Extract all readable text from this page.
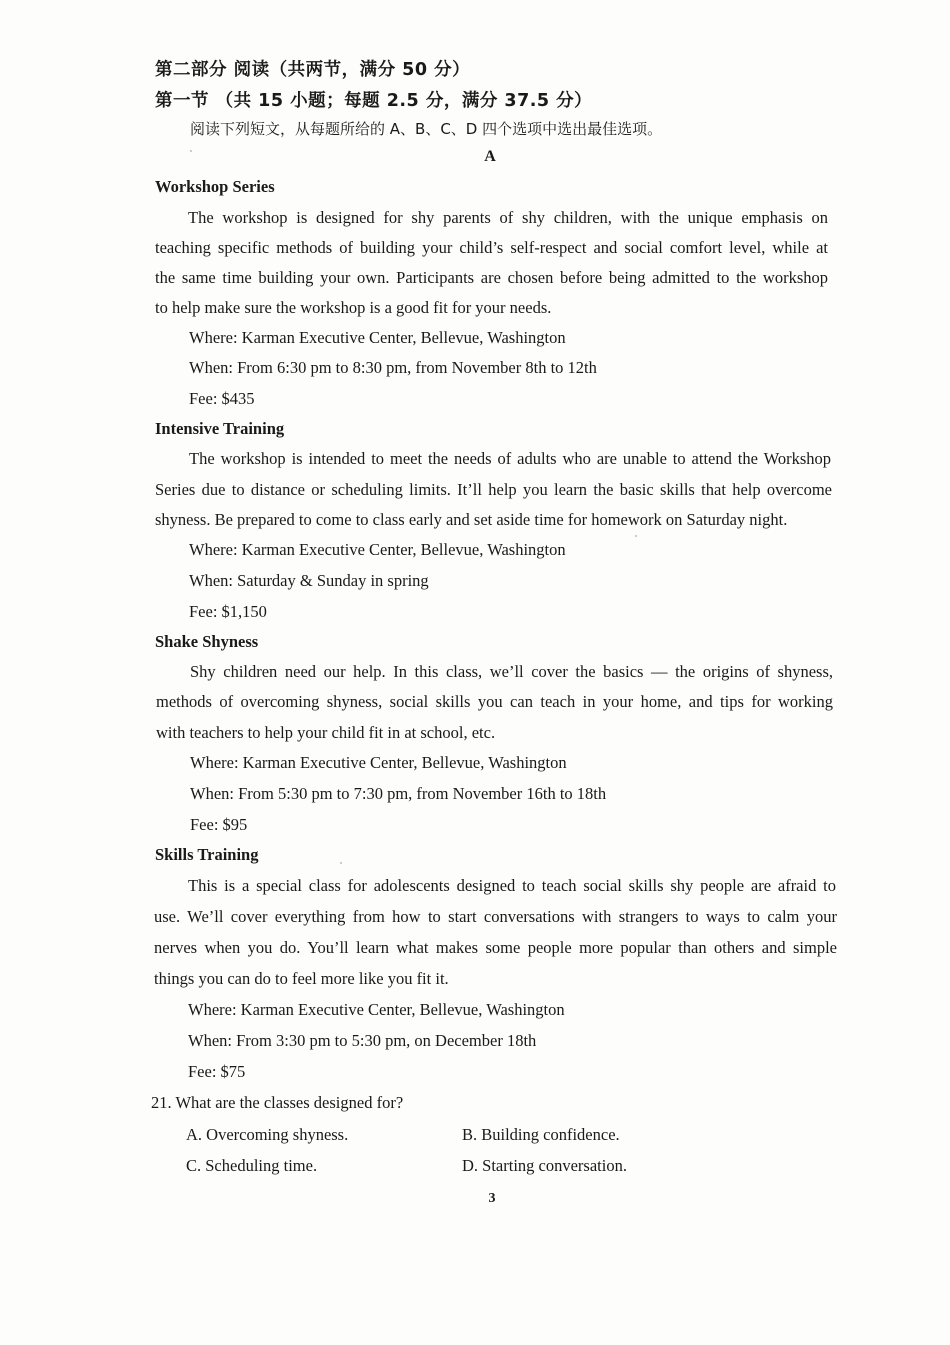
第二部分 阅读（共两节，满分 50 分）
第一节 （共 15 小题；每题 2.5 分，满分 37.5 分）
阅读下列短文，从每题所给的 A、B、C、D 四个选项中选出最佳选项。
A
Workshop Series
The workshop is designed for shy parents of shy children, with the unique emphasis on
teaching specific methods of building your child’s self-respect and social comfort level, while at
the same time building your own. Participants are chosen before being admitted to the workshop
to help make sure the workshop is a good fit for your needs.
Where: Karman Executive Center, Bellevue, Washington
When: From 6:30 pm to 8:30 pm, from November 8th to 12th
Fee: $435
Intensive Training
The workshop is intended to meet the needs of adults who are unable to attend the Workshop
Series due to distance or scheduling limits. It’ll help you learn the basic skills that help overcome
shyness. Be prepared to come to class early and set aside time for homework on Saturday night.
Where: Karman Executive Center, Bellevue, Washington
When: Saturday & Sunday in spring
Fee: $1,150
Shake Shyness
Shy children need our help. In this class, we’ll cover the basics — the origins of shyness,
methods of overcoming shyness, social skills you can teach in your home, and tips for working
with teachers to help your child fit in at school, etc.
Where: Karman Executive Center, Bellevue, Washington
When: From 5:30 pm to 7:30 pm, from November 16th to 18th
Fee: $95
Skills Training
This is a special class for adolescents designed to teach social skills shy people are afraid to
use. We’ll cover everything from how to start conversations with strangers to ways to calm your
nerves when you do. You’ll learn what makes some people more popular than others and simple
things you can do to feel more like you fit it.
Where: Karman Executive Center, Bellevue, Washington
When: From 3:30 pm to 5:30 pm, on December 18th
Fee: $75
21. What are the classes designed for?
A. Overcoming shyness.	B. Building confidence.
C. Scheduling time.	D. Starting conversation.
3
